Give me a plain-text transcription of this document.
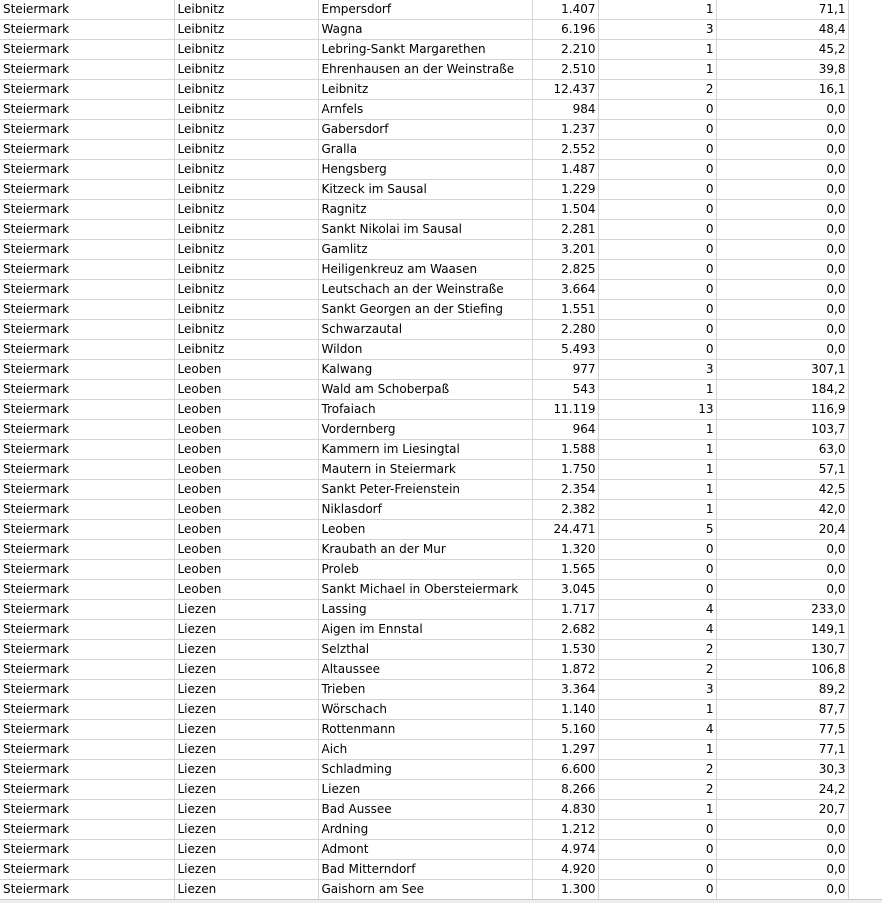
Steiermark	Leibnitz	Empersdorf	1.407	1	71,1
Steiermark	Leibnitz	Wagna	6.196	3	48,4
Steiermark	Leibnitz	Lebring-Sankt Margarethen	2.210	1	45,2
Steiermark	Leibnitz	Ehrenhausen an der Weinstraße	2.510	1	39,8
Steiermark	Leibnitz	Leibnitz	12.437	2	16,1
Steiermark	Leibnitz	Arnfels	984	0	0,0
Steiermark	Leibnitz	Gabersdorf	1.237	0	0,0
Steiermark	Leibnitz	Gralla	2.552	0	0,0
Steiermark	Leibnitz	Hengsberg	1.487	0	0,0
Steiermark	Leibnitz	Kitzeck im Sausal	1.229	0	0,0
Steiermark	Leibnitz	Ragnitz	1.504	0	0,0
Steiermark	Leibnitz	Sankt Nikolai im Sausal	2.281	0	0,0
Steiermark	Leibnitz	Gamlitz	3.201	0	0,0
Steiermark	Leibnitz	Heiligenkreuz am Waasen	2.825	0	0,0
Steiermark	Leibnitz	Leutschach an der Weinstraße	3.664	0	0,0
Steiermark	Leibnitz	Sankt Georgen an der Stiefing	1.551	0	0,0
Steiermark	Leibnitz	Schwarzautal	2.280	0	0,0
Steiermark	Leibnitz	Wildon	5.493	0	0,0
Steiermark	Leoben	Kalwang	977	3	307,1
Steiermark	Leoben	Wald am Schoberpaß	543	1	184,2
Steiermark	Leoben	Trofaiach	11.119	13	116,9
Steiermark	Leoben	Vordernberg	964	1	103,7
Steiermark	Leoben	Kammern im Liesingtal	1.588	1	63,0
Steiermark	Leoben	Mautern in Steiermark	1.750	1	57,1
Steiermark	Leoben	Sankt Peter-Freienstein	2.354	1	42,5
Steiermark	Leoben	Niklasdorf	2.382	1	42,0
Steiermark	Leoben	Leoben	24.471	5	20,4
Steiermark	Leoben	Kraubath an der Mur	1.320	0	0,0
Steiermark	Leoben	Proleb	1.565	0	0,0
Steiermark	Leoben	Sankt Michael in Obersteiermark	3.045	0	0,0
Steiermark	Liezen	Lassing	1.717	4	233,0
Steiermark	Liezen	Aigen im Ennstal	2.682	4	149,1
Steiermark	Liezen	Selzthal	1.530	2	130,7
Steiermark	Liezen	Altaussee	1.872	2	106,8
Steiermark	Liezen	Trieben	3.364	3	89,2
Steiermark	Liezen	Wörschach	1.140	1	87,7
Steiermark	Liezen	Rottenmann	5.160	4	77,5
Steiermark	Liezen	Aich	1.297	1	77,1
Steiermark	Liezen	Schladming	6.600	2	30,3
Steiermark	Liezen	Liezen	8.266	2	24,2
Steiermark	Liezen	Bad Aussee	4.830	1	20,7
Steiermark	Liezen	Ardning	1.212	0	0,0
Steiermark	Liezen	Admont	4.974	0	0,0
Steiermark	Liezen	Bad Mitterndorf	4.920	0	0,0
Steiermark	Liezen	Gaishorn am See	1.300	0	0,0
